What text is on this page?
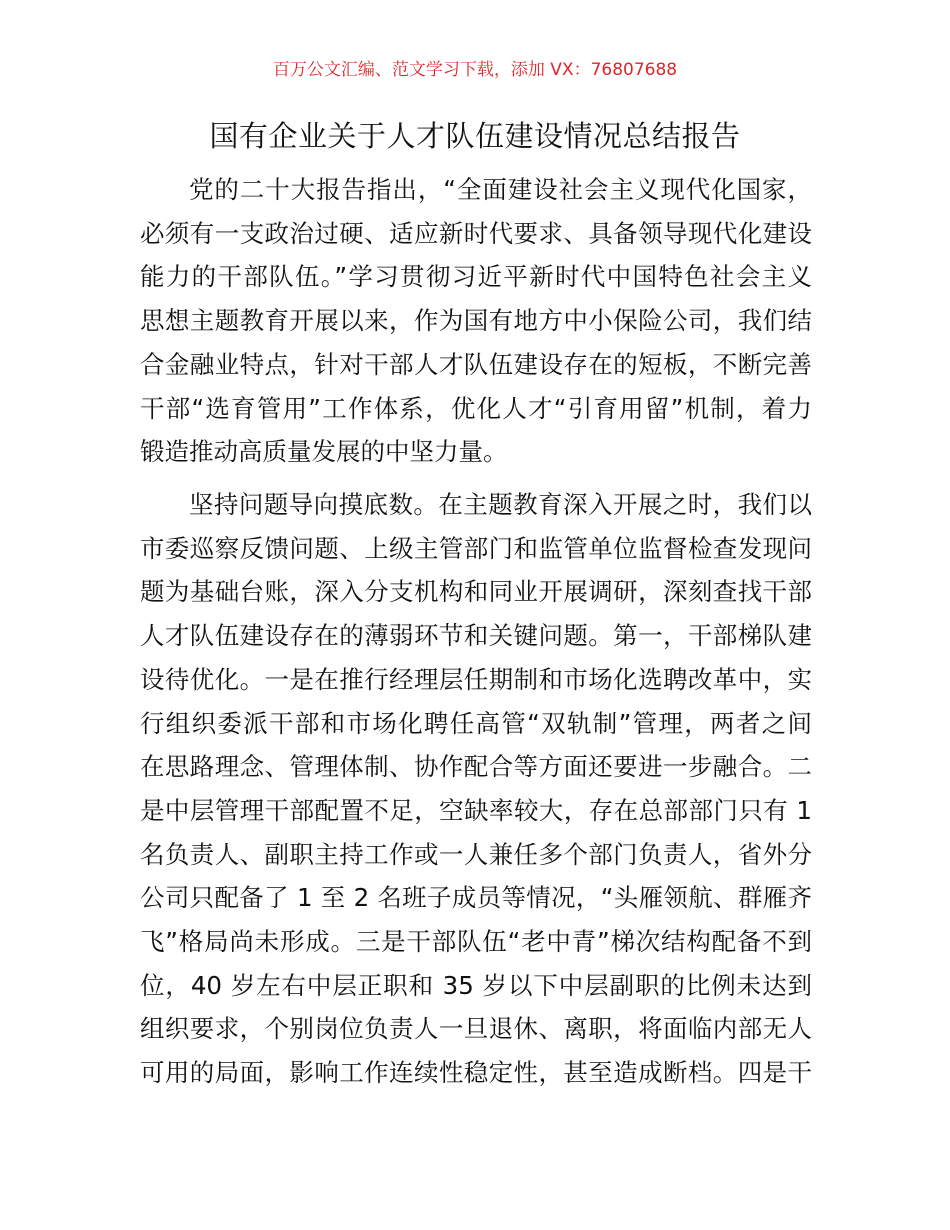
百万公文汇编、范文学习下载，添加 VX：76807688
国有企业关于人才队伍建设情况总结报告
党的二十大报告指出，“全面建设社会主义现代化国家，
必须有一支政治过硬、适应新时代要求、具备领导现代化建设
能力的干部队伍。”学习贯彻习近平新时代中国特色社会主义
思想主题教育开展以来，作为国有地方中小保险公司，我们结
合金融业特点，针对干部人才队伍建设存在的短板，不断完善
干部“选育管用”工作体系，优化人才“引育用留”机制，着力
锻造推动高质量发展的中坚力量。
坚持问题导向摸底数。在主题教育深入开展之时，我们以
市委巡察反馈问题、上级主管部门和监管单位监督检查发现问
题为基础台账，深入分支机构和同业开展调研，深刻查找干部
人才队伍建设存在的薄弱环节和关键问题。第一，干部梯队建
设待优化。一是在推行经理层任期制和市场化选聘改革中，实
行组织委派干部和市场化聘任高管“双轨制”管理，两者之间
在思路理念、管理体制、协作配合等方面还要进一步融合。二
是中层管理干部配置不足，空缺率较大，存在总部部门只有 1
名负责人、副职主持工作或一人兼任多个部门负责人，省外分
公司只配备了 1 至 2 名班子成员等情况，“头雁领航、群雁齐
飞”格局尚未形成。三是干部队伍“老中青”梯次结构配备不到
位，40 岁左右中层正职和 35 岁以下中层副职的比例未达到
组织要求，个别岗位负责人一旦退休、离职，将面临内部无人
可用的局面，影响工作连续性稳定性，甚至造成断档。四是干
